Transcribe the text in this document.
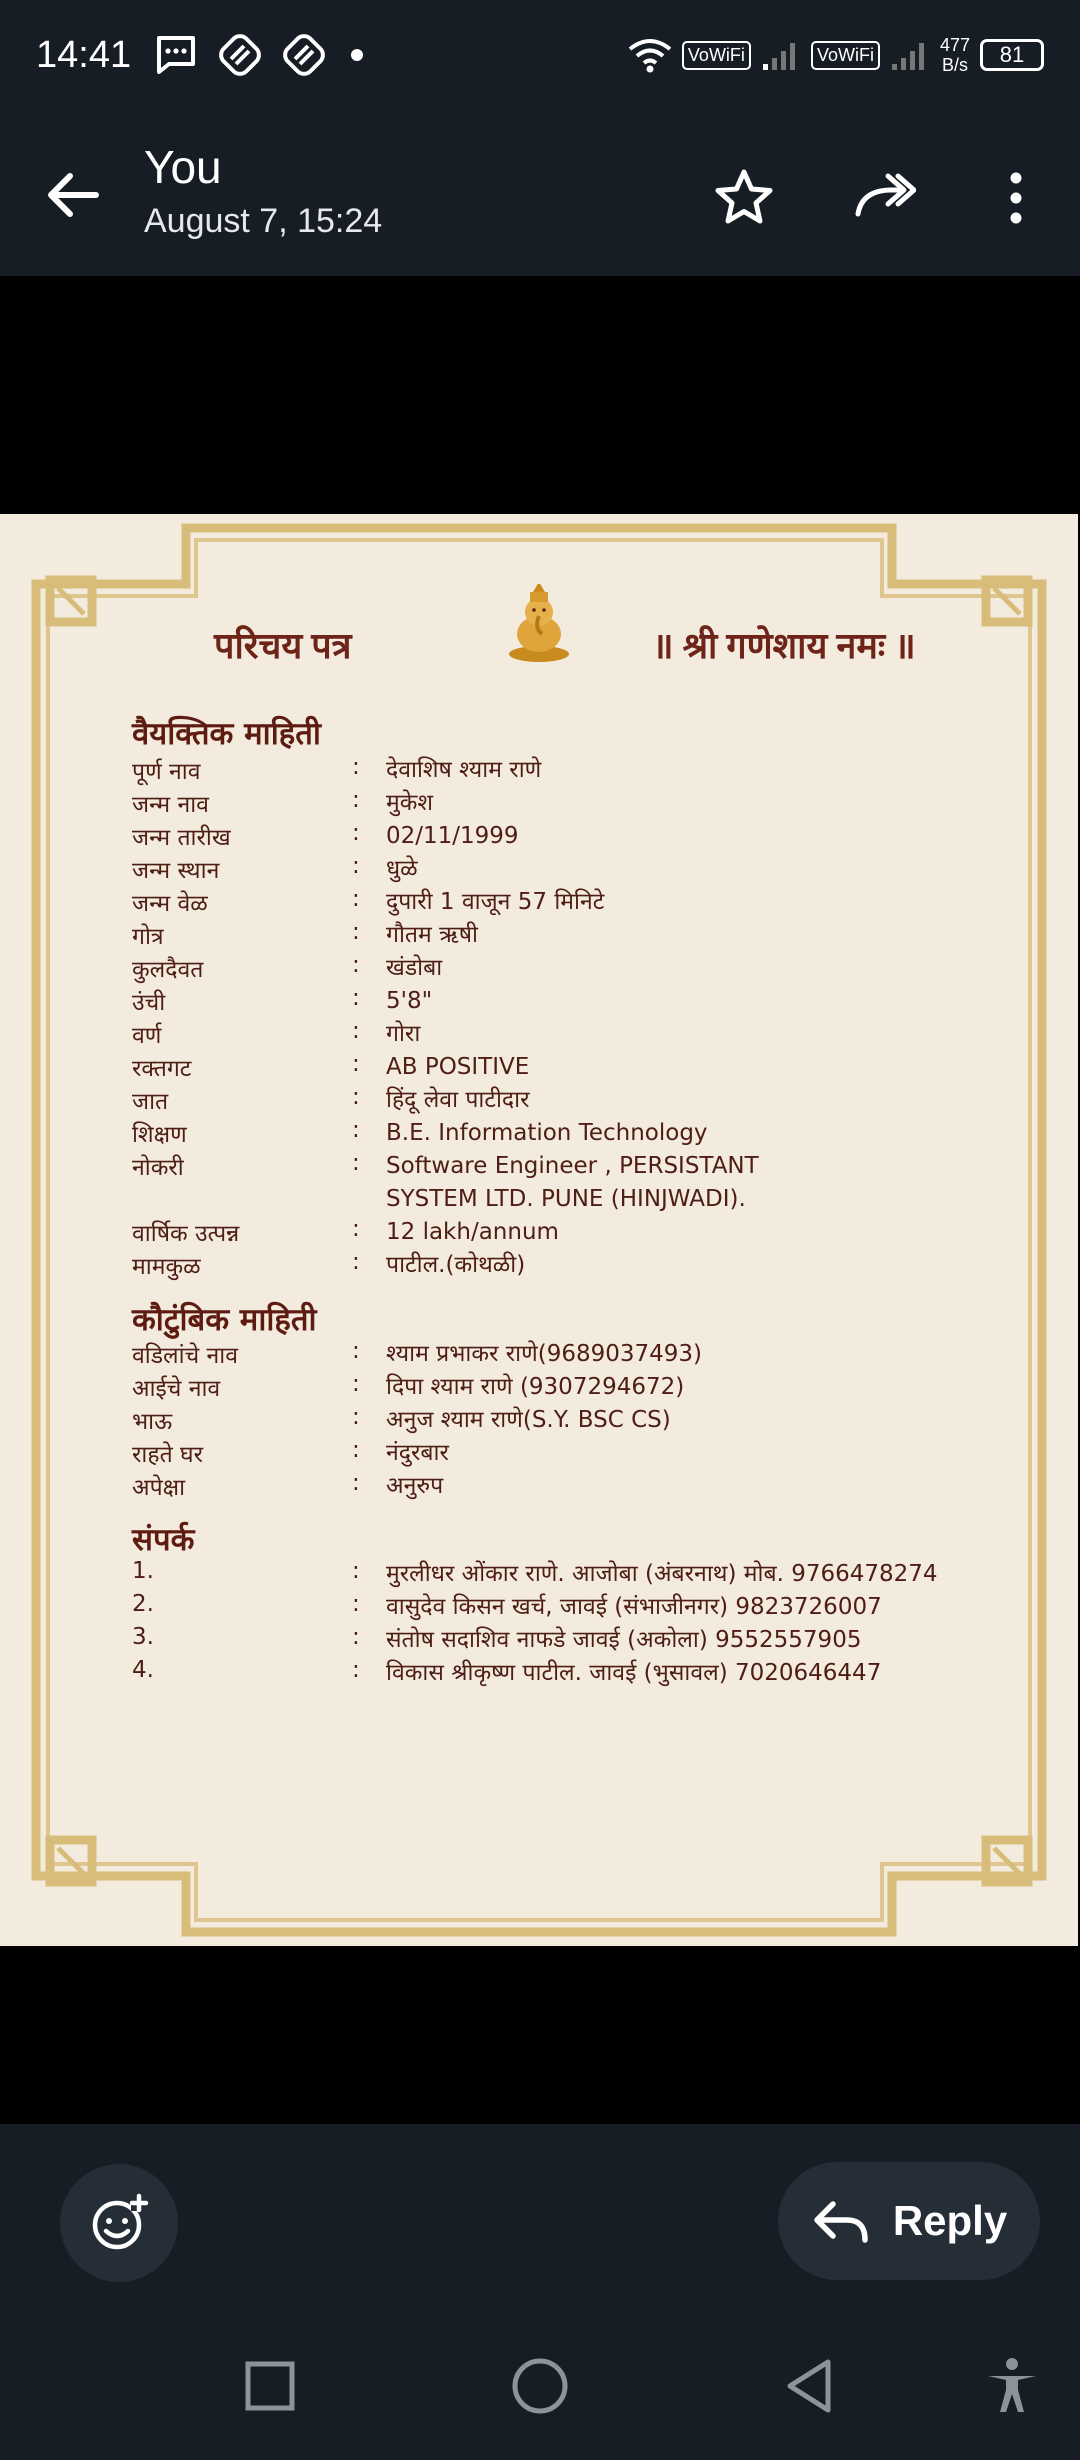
14:41	VoWiFi	VoWiFi	477
B/s 81
You
August 7, 15:24
परिचय पत्र	॥ श्री गणेशाय नमः ॥
वैयक्तिक माहिती
पूर्ण नाव	: देवाशिष श्याम राणे
जन्म नाव	: मुकेश
जन्म तारीख	: 02/11/1999
जन्म स्थान	: धुळे
जन्म वेळ	: दुपारी 1 वाजून 57 मिनिटे
गोत्र	: गौतम ऋषी
कुलदैवत	: खंडोबा
उंची	: 5'8"
वर्ण	: गोरा
रक्तगट	: AB POSITIVE
जात	: हिंदू लेवा पाटीदार
शिक्षण	: B.E. Information Technology
नोकरी	: Software Engineer , PERSISTANT
SYSTEM LTD. PUNE (HINJWADI).
वार्षिक उत्पन्न	: 12 lakh/annum
मामकुळ	: पाटील.(कोथळी)
कौटुंबिक माहिती
वडिलांचे नाव	: श्याम प्रभाकर राणे(9689037493)
आईचे नाव	: दिपा श्याम राणे (9307294672)
भाऊ	: अनुज श्याम राणे(S.Y. BSC CS)
राहते घर	: नंदुरबार
अपेक्षा	: अनुरुप
संपर्क
1.	: मुरलीधर ओंकार राणे. आजोबा (अंबरनाथ) मोब. 9766478274
2.	: वासुदेव किसन खर्च, जावई (संभाजीनगर) 9823726007
3.	: संतोष सदाशिव नाफडे जावई (अकोला) 9552557905
4.	: विकास श्रीकृष्ण पाटील. जावई (भुसावल) 7020646447
Reply
